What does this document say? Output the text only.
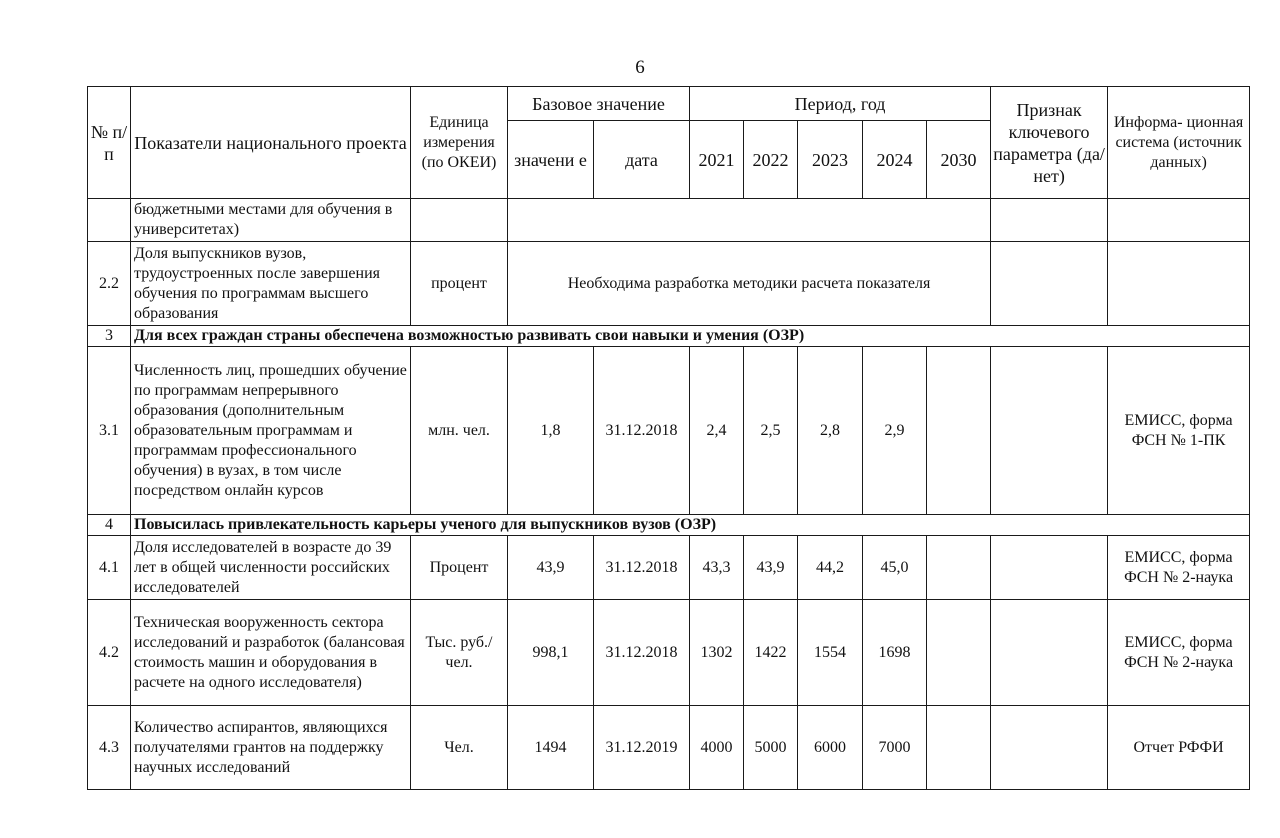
6
№ п/п	Показатели национального проекта	Единица измерения (по ОКЕИ)	Базовое значение		Период, год					Признак ключевого параметра (да/нет)	Информа- ционная система (источник данных)
			значени е	дата	2021	2022	2023	2024	2030		
	бюджетными местами для обучения в университетах)										
2.2	Доля выпускников вузов, трудоустроенных после завершения обучения по программам высшего образования	процент	Необходима разработка методики расчета показателя								
3	Для всех граждан страны обеспечена возможностью развивать свои навыки и умения (ОЗР)										
3.1	Численность лиц, прошедших обучение по программам непрерывного образования (дополнительным образовательным программам и программам профессионального обучения) в вузах, в том числе посредством онлайн курсов	млн. чел.	1,8	31.12.2018	2,4	2,5	2,8	2,9			ЕМИСС, форма ФСН № 1-ПК
4	Повысилась привлекательность карьеры ученого для выпускников вузов (ОЗР)										
4.1	Доля исследователей в возрасте до 39 лет в общей численности российских исследователей	Процент	43,9	31.12.2018	43,3	43,9	44,2	45,0			ЕМИСС, форма ФСН № 2-наука
4.2	Техническая вооруженность сектора исследований и разработок (балансовая стоимость машин и оборудования в расчете на одного исследователя)	Тыс. руб./чел.	998,1	31.12.2018	1302	1422	1554	1698			ЕМИСС, форма ФСН № 2-наука
4.3	Количество аспирантов, являющихся получателями грантов на поддержку научных исследований	Чел.	1494	31.12.2019	4000	5000	6000	7000			Отчет РФФИ
